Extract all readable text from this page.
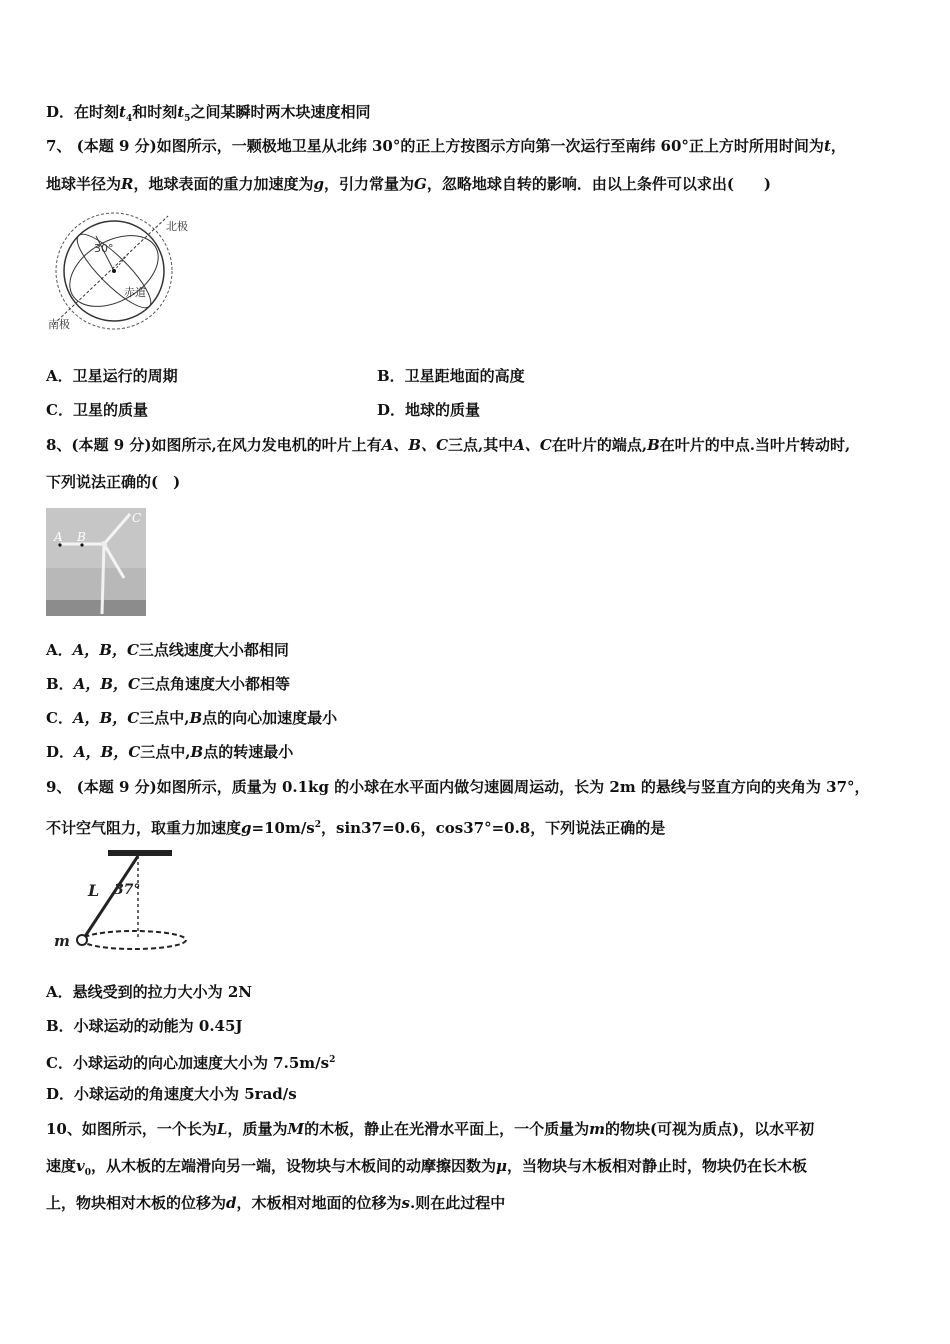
D．在时刻$t_4$和时刻$t_5$之间某瞬时两木块速度相同
7、 (本题 9 分)如图所示，一颗极地卫星从北纬 30°的正上方按图示方向第一次运行至南纬 60°正上方时所用时间为t，
地球半径为R，地球表面的重力加速度为g，引力常量为G，忽略地球自转的影响．由以上条件可以求出(　　)
北极
南极
赤道
30°
A．卫星运行的周期	B．卫星距地面的高度
C．卫星的质量	D．地球的质量
8、(本题 9 分)如图所示,在风力发电机的叶片上有A、B、C三点,其中A、C在叶片的端点,B在叶片的中点.当叶片转动时,
下列说法正确的(　)
A B
C
A．A，B，C三点线速度大小都相同
B．A，B，C三点角速度大小都相等
C．A，B，C三点中,B点的向心加速度最小
D．A，B，C三点中,B点的转速最小
9、 (本题 9 分)如图所示，质量为 0.1kg 的小球在水平面内做匀速圆周运动，长为 2m 的悬线与竖直方向的夹角为 37°，
不计空气阻力，取重力加速度$g=10m/s^2$，sin37=0.6，cos37°=0.8，下列说法正确的是
L 37°
m
A．悬线受到的拉力大小为 2N
B．小球运动的动能为 0.45J
C．小球运动的向心加速度大小为 $7.5m/s^2$
D．小球运动的角速度大小为 5rad/s
10、如图所示，一个长为L，质量为M的木板，静止在光滑水平面上，一个质量为m的物块(可视为质点)，以水平初
速度$v_0$，从木板的左端滑向另一端，设物块与木板间的动摩擦因数为μ，当物块与木板相对静止时，物块仍在长木板
上，物块相对木板的位移为d，木板相对地面的位移为s.则在此过程中
